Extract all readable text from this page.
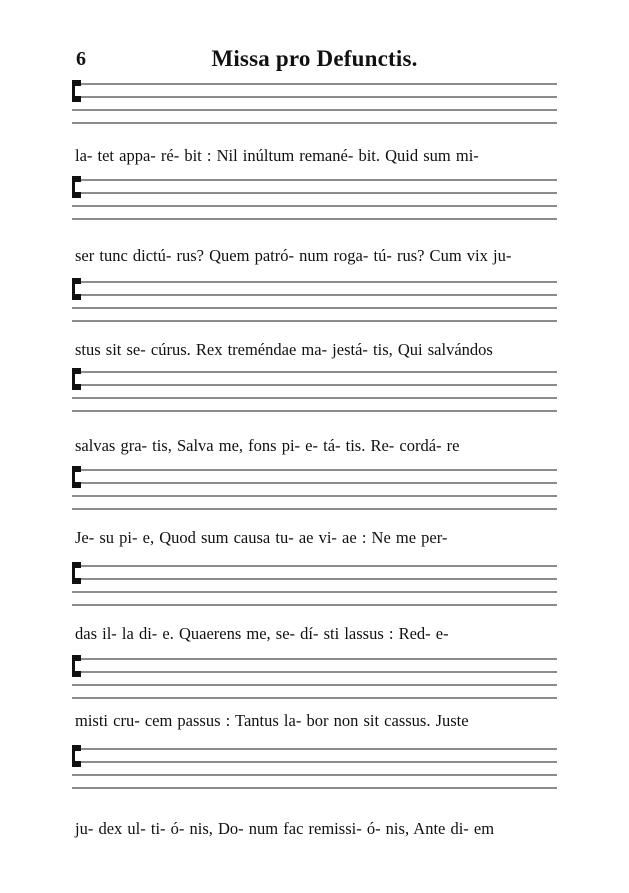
6	Missa pro Defunctis.
la- tet appa- ré- bit : Nil inúltum remané- bit. Quid sum mi-
ser tunc dictú- rus? Quem patró- num roga- tú- rus? Cum vix ju-
stus sit se- cúrus. Rex treméndae ma- jestá- tis, Qui salvándos
salvas gra- tis, Salva me, fons pi- e- tá- tis. Re- cordá- re
Je- su pi- e, Quod sum causa tu- ae vi- ae : Ne me per-
das il- la di- e. Quaerens me, se- dí- sti lassus : Red- e-
misti cru- cem passus : Tantus la- bor non sit cassus. Juste
ju- dex ul- ti- ó- nis, Do- num fac remissi- ó- nis, Ante di- em
